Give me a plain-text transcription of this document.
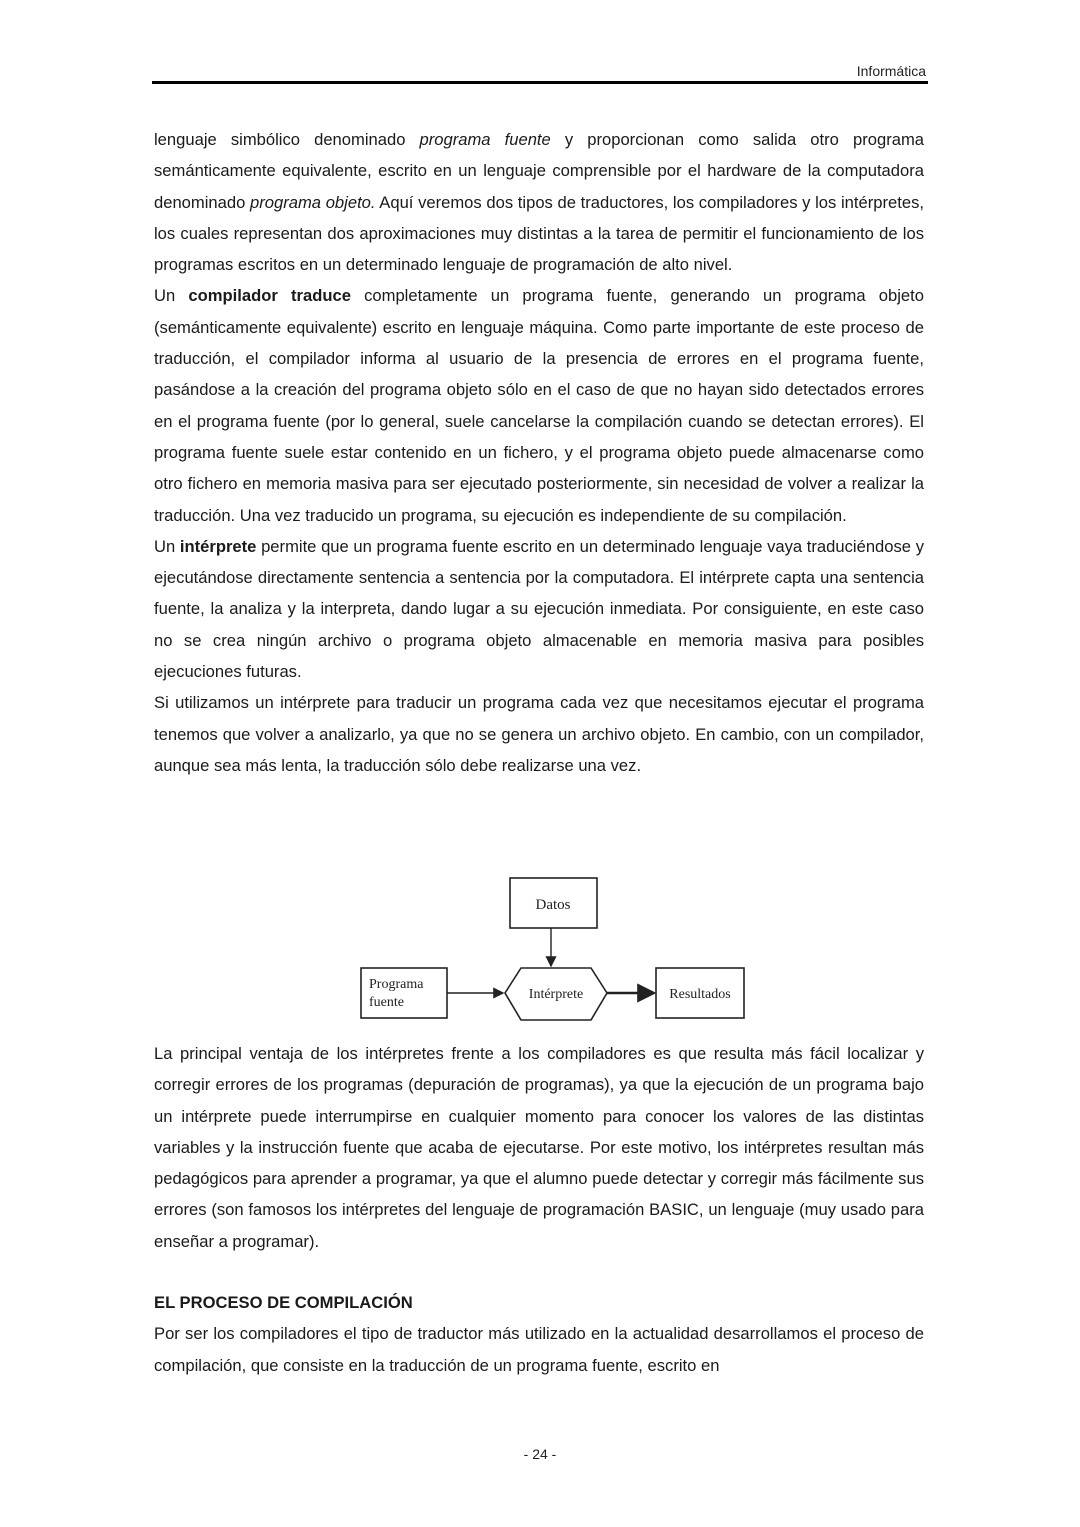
Informática

lenguaje simbólico denominado programa fuente y proporcionan como salida otro programa semánticamente equivalente, escrito en un lenguaje comprensible por el hardware de la computadora denominado programa objeto. Aquí veremos dos tipos de traductores, los compiladores y los intérpretes, los cuales representan dos aproximaciones muy distintas a la tarea de permitir el funcionamiento de los programas escritos en un determinado lenguaje de programación de alto nivel.

Un compilador traduce completamente un programa fuente, generando un programa objeto (semánticamente equivalente) escrito en lenguaje máquina. Como parte importante de este proceso de traducción, el compilador informa al usuario de la presencia de errores en el programa fuente, pasándose a la creación del programa objeto sólo en el caso de que no hayan sido detectados errores en el programa fuente (por lo general, suele cancelarse la compilación cuando se detectan errores). El programa fuente suele estar contenido en un fichero, y el programa objeto puede almacenarse como otro fichero en memoria masiva para ser ejecutado posteriormente, sin necesidad de volver a realizar la traducción. Una vez traducido un programa, su ejecución es independiente de su compilación.

Un intérprete permite que un programa fuente escrito en un determinado lenguaje vaya traduciéndose y ejecutándose directamente sentencia a sentencia por la computadora. El intérprete capta una sentencia fuente, la analiza y la interpreta, dando lugar a su ejecución inmediata. Por consiguiente, en este caso no se crea ningún archivo o programa objeto almacenable en memoria masiva para posibles ejecuciones futuras.

Si utilizamos un intérprete para traducir un programa cada vez que necesitamos ejecutar el programa tenemos que volver a analizarlo, ya que no se genera un archivo objeto. En cambio, con un compilador, aunque sea más lenta, la traducción sólo debe realizarse una vez.

Datos
Programa
fuente
Intérprete	Resultados

La principal ventaja de los intérpretes frente a los compiladores es que resulta más fácil localizar y corregir errores de los programas (depuración de programas), ya que la ejecución de un programa bajo un intérprete puede interrumpirse en cualquier momento para conocer los valores de las distintas variables y la instrucción fuente que acaba de ejecutarse. Por este motivo, los intérpretes resultan más pedagógicos para aprender a programar, ya que el alumno puede detectar y corregir más fácilmente sus errores (son famosos los intérpretes del lenguaje de programación BASIC, un lenguaje (muy usado para enseñar a programar).

EL PROCESO DE COMPILACIÓN

Por ser los compiladores el tipo de traductor más utilizado en la actualidad desarrollamos el proceso de compilación, que consiste en la traducción de un programa fuente, escrito en

- 24 -
